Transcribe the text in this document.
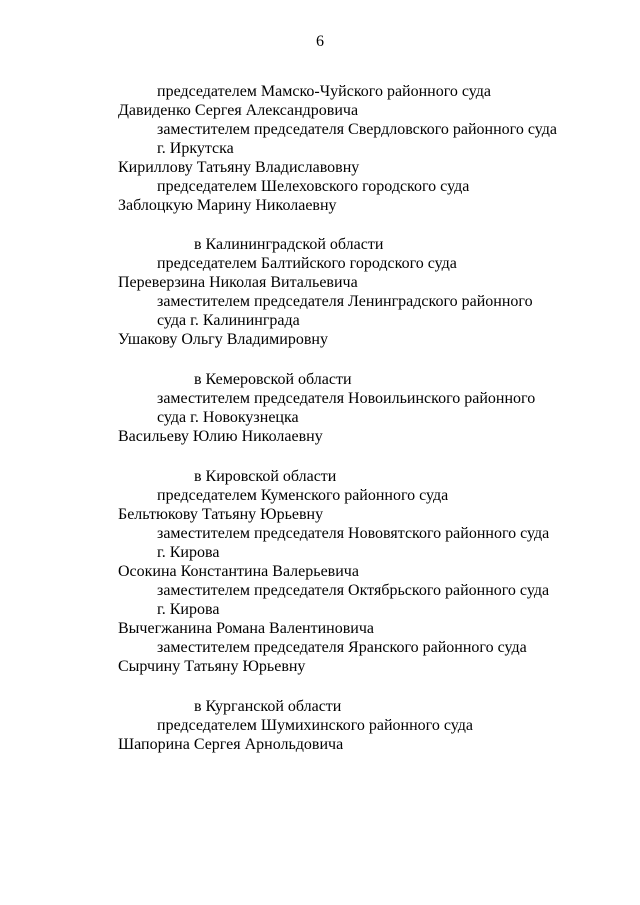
6
председателем Мамско-Чуйского районного суда
Давиденко Сергея Александровича
заместителем председателя Свердловского районного суда
г. Иркутска
Кириллову Татьяну Владиславовну
председателем Шелеховского городского суда
Заблоцкую Марину Николаевну
в Калининградской области
председателем Балтийского городского суда
Переверзина Николая Витальевича
заместителем председателя Ленинградского районного
суда г. Калининграда
Ушакову Ольгу Владимировну
в Кемеровской области
заместителем председателя Новоильинского районного
суда г. Новокузнецка
Васильеву Юлию Николаевну
в Кировской области
председателем Куменского районного суда
Бельтюкову Татьяну Юрьевну
заместителем председателя Нововятского районного суда
г. Кирова
Осокина Константина Валерьевича
заместителем председателя Октябрьского районного суда
г. Кирова
Вычегжанина Романа Валентиновича
заместителем председателя Яранского районного суда
Сырчину Татьяну Юрьевну
в Курганской области
председателем Шумихинского районного суда
Шапорина Сергея Арнольдовича
